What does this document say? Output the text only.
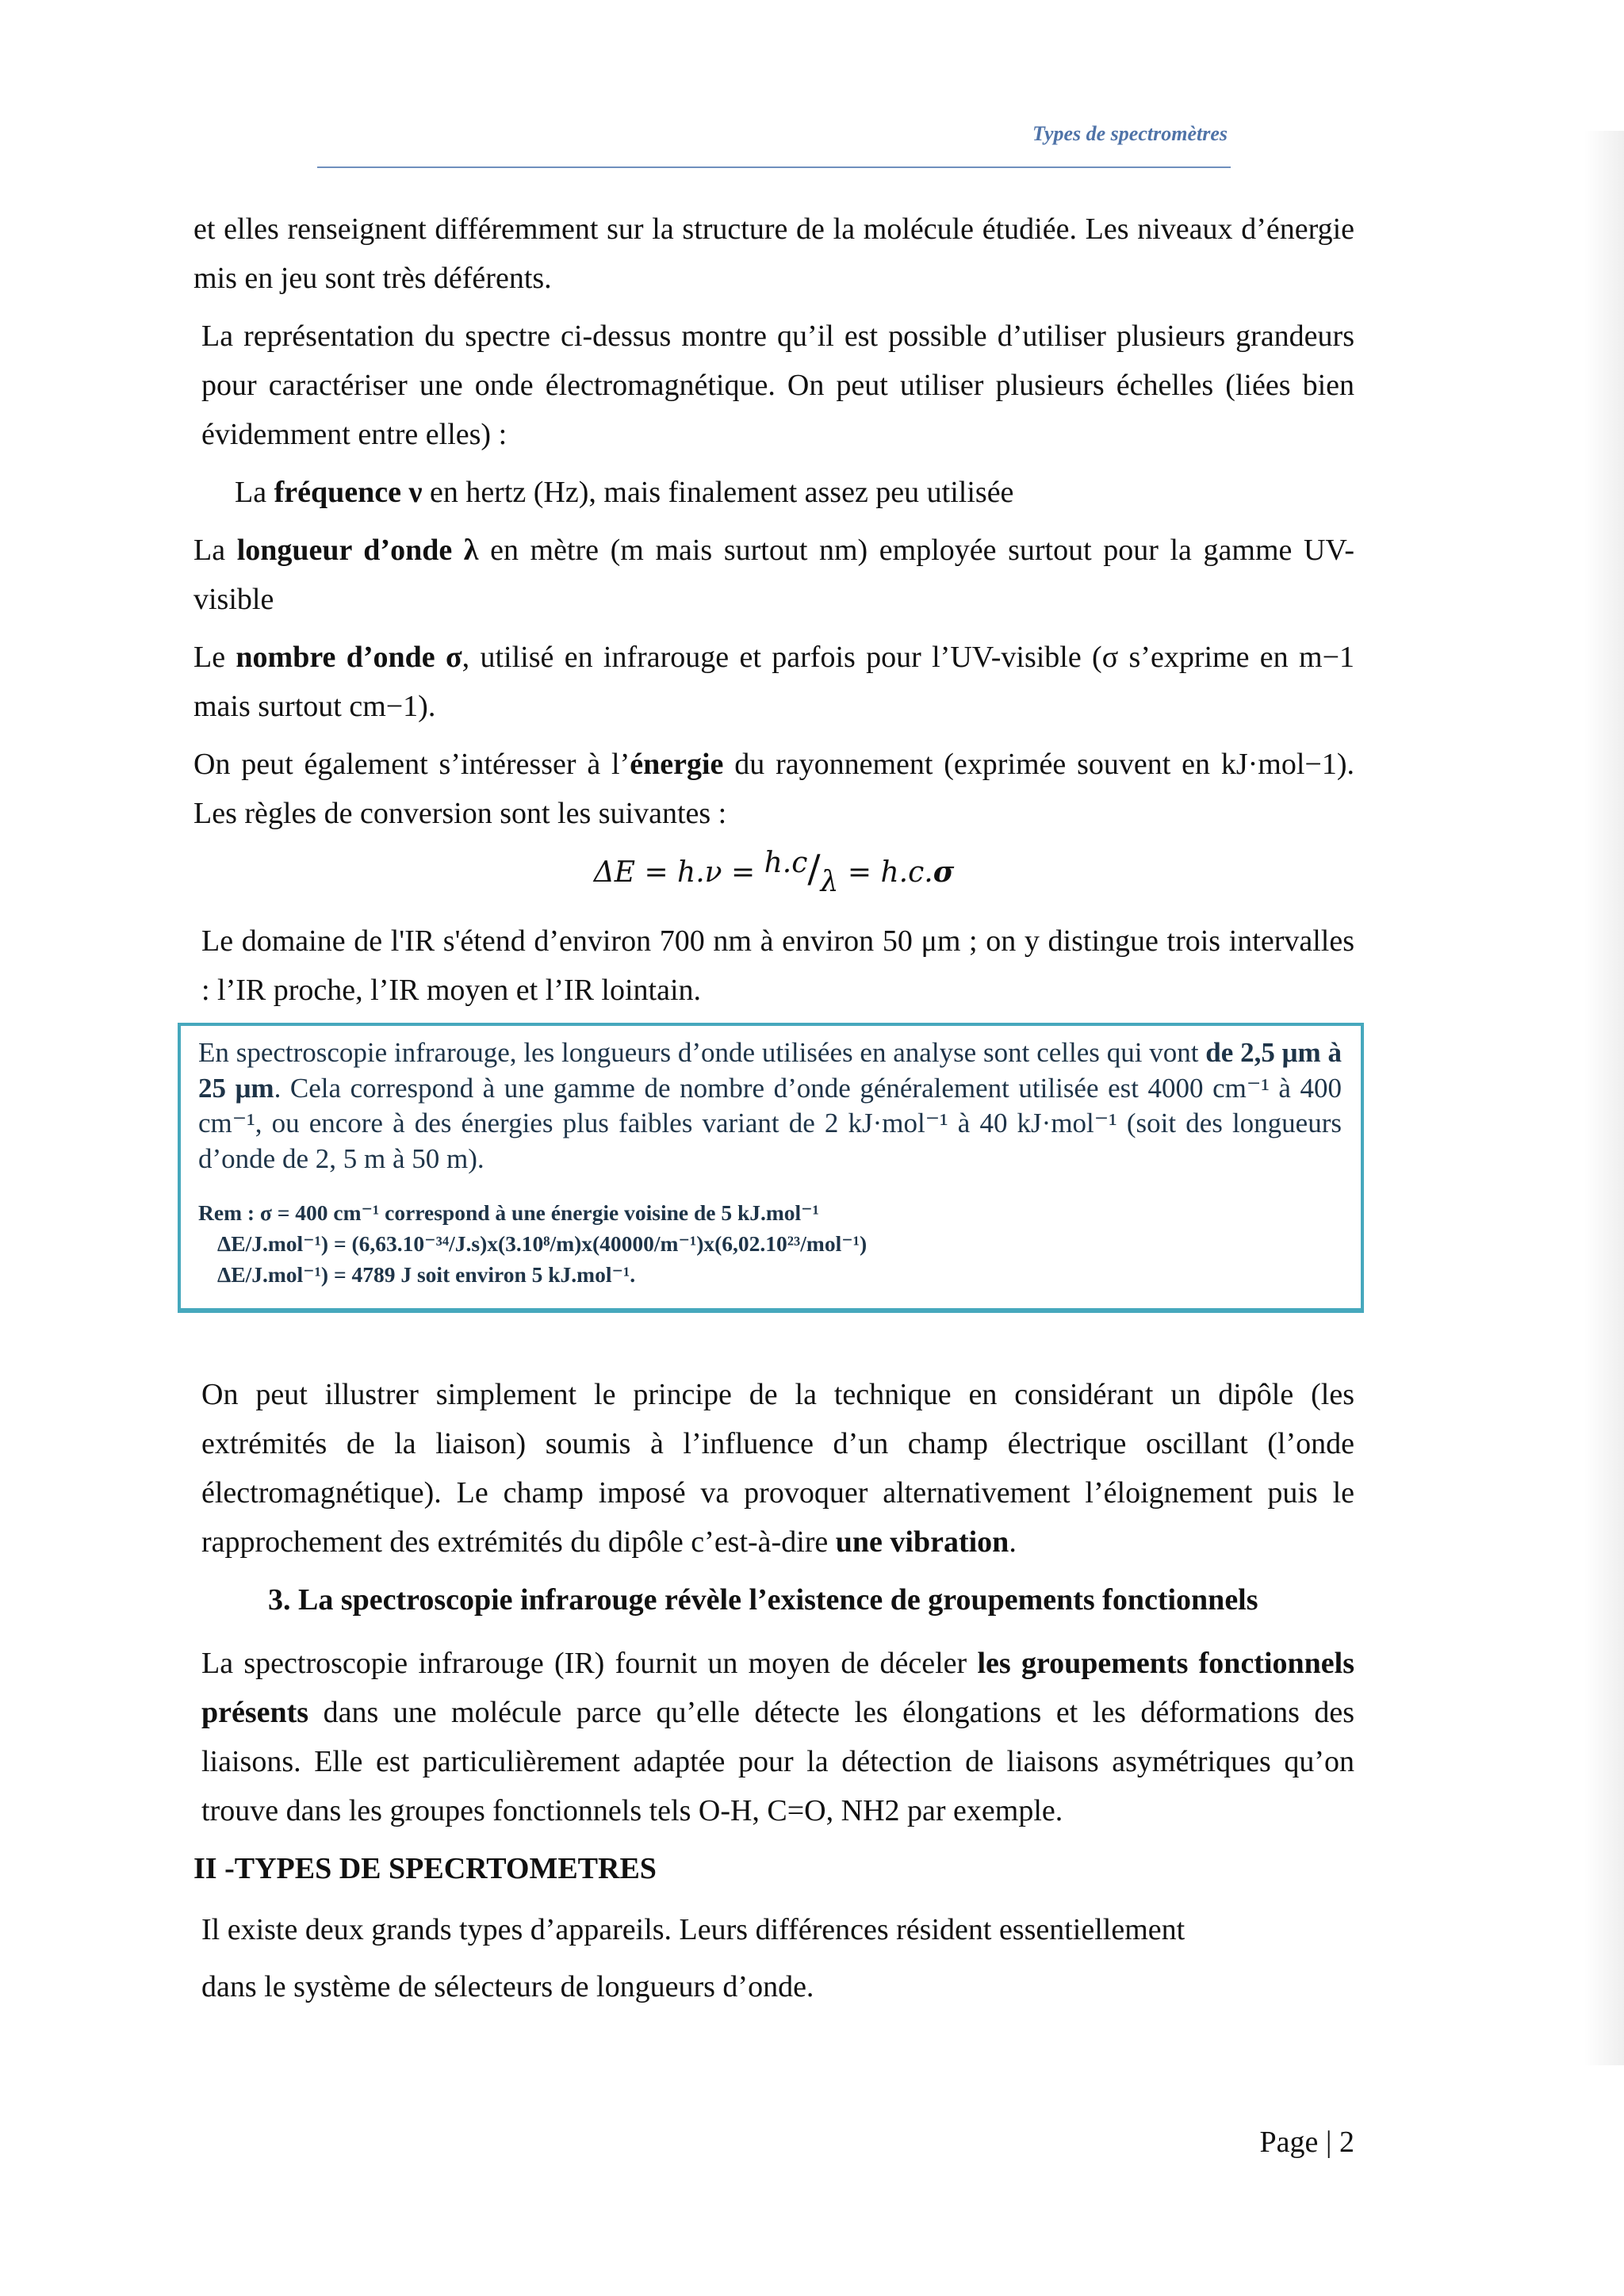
Types de spectromètres

et elles renseignent différemment sur la structure de la molécule étudiée. Les niveaux d’énergie mis en jeu sont très déférents.

La représentation du spectre ci-dessus montre qu’il est possible d’utiliser plusieurs grandeurs pour caractériser une onde électromagnétique. On peut utiliser plusieurs échelles (liées bien évidemment entre elles) :

La fréquence ν en hertz (Hz), mais finalement assez peu utilisée

La longueur d’onde λ en mètre (m mais surtout nm) employée surtout pour la gamme UV-visible

Le nombre d’onde σ, utilisé en infrarouge et parfois pour l’UV-visible (σ s’exprime en m−1 mais surtout cm−1).

On peut également s’intéresser à l’énergie du rayonnement (exprimée souvent en kJ·mol−1). Les règles de conversion sont les suivantes :

ΔE = h.ν = h.c/λ = h.c.σ

Le domaine de l'IR s'étend d’environ 700 nm à environ 50 μm ; on y distingue trois intervalles : l’IR proche, l’IR moyen et l’IR lointain.

En spectroscopie infrarouge, les longueurs d’onde utilisées en analyse sont celles qui vont de 2,5 μm à 25 μm. Cela correspond à une gamme de nombre d’onde généralement utilisée est 4000 cm⁻¹ à 400 cm⁻¹, ou encore à des énergies plus faibles variant de 2 kJ·mol⁻¹ à 40 kJ·mol⁻¹ (soit des longueurs d’onde de 2, 5 m à 50 m).

Rem : σ = 400 cm⁻¹ correspond à une énergie voisine de 5 kJ.mol⁻¹
ΔE/J.mol⁻¹) = (6,63.10⁻³⁴/J.s)x(3.10⁸/m)x(40000/m⁻¹)x(6,02.10²³/mol⁻¹)
ΔE/J.mol⁻¹) = 4789 J soit environ 5 kJ.mol⁻¹.

On peut illustrer simplement le principe de la technique en considérant un dipôle (les extrémités de la liaison) soumis à l’influence d’un champ électrique oscillant (l’onde électromagnétique). Le champ imposé va provoquer alternativement l’éloignement puis le rapprochement des extrémités du dipôle c’est-à-dire une vibration.

3. La spectroscopie infrarouge révèle l’existence de groupements fonctionnels

La spectroscopie infrarouge (IR) fournit un moyen de déceler les groupements fonctionnels présents dans une molécule parce qu’elle détecte les élongations et les déformations des liaisons. Elle est particulièrement adaptée pour la détection de liaisons asymétriques qu’on trouve dans les groupes fonctionnels tels O-H, C=O, NH2 par exemple.

II -TYPES DE SPECRTOMETRES

Il existe deux grands types d’appareils. Leurs différences résident essentiellement

dans le système de sélecteurs de longueurs d’onde.

Page | 2
